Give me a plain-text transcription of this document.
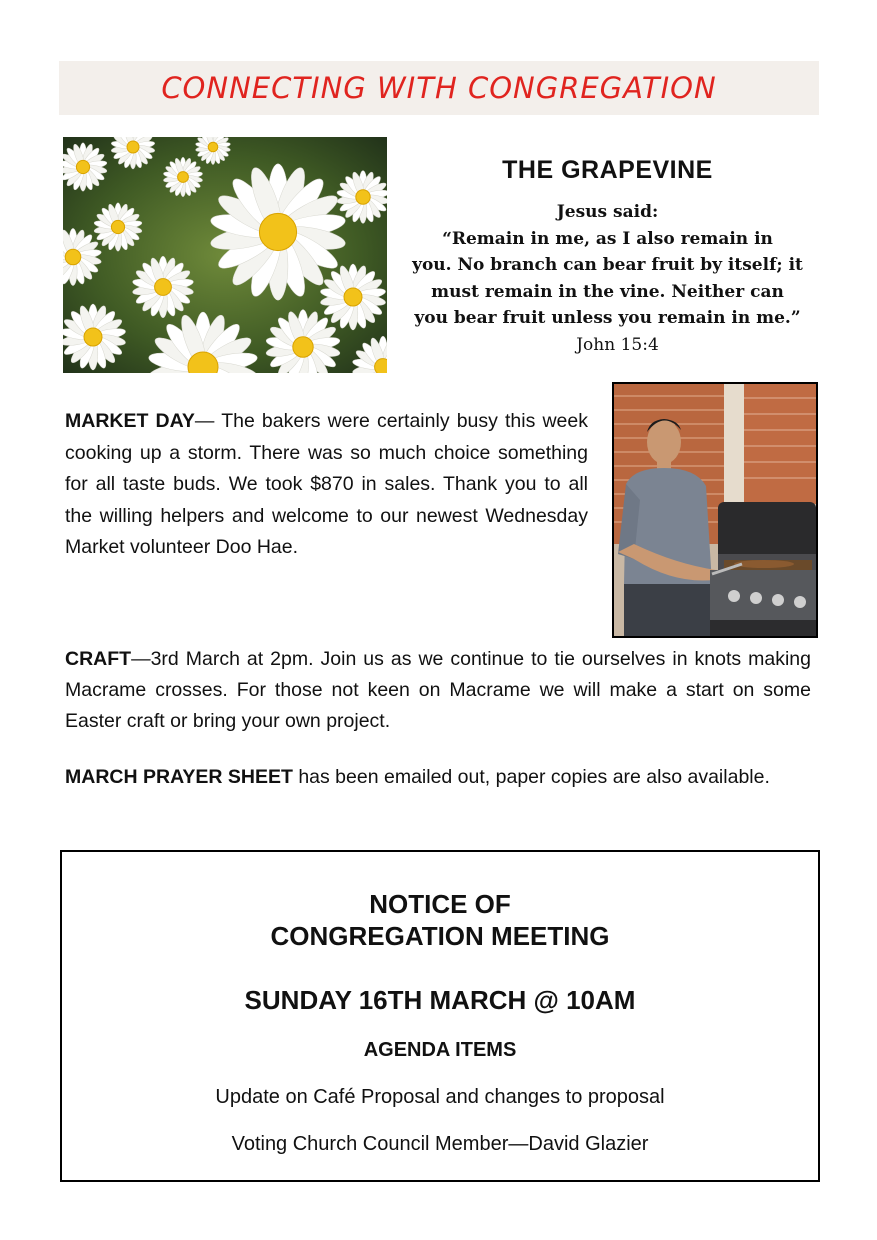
CONNECTING WITH CONGREGATION
THE GRAPEVINE
Jesus said:
“Remain in me, as I also remain in
you. No branch can bear fruit by itself; it
must remain in the vine. Neither can
you bear fruit unless you remain in me.”
John 15:4
MARKET DAY— The bakers were certainly busy this week cooking up a storm. There was so much choice something for all taste buds. We took $870 in sales. Thank you to all the willing helpers and welcome to our newest Wednesday Market volunteer Doo Hae.
CRAFT—3rd March at 2pm. Join us as we continue to tie ourselves in knots making Macrame crosses. For those not keen on Macrame we will make a start on some Easter craft or bring your own project.
MARCH PRAYER SHEET has been emailed out, paper copies are also available.
NOTICE OF
CONGREGATION MEETING
SUNDAY 16TH MARCH @ 10AM
AGENDA ITEMS
Update on Café Proposal and changes to proposal
Voting Church Council Member—David Glazier
